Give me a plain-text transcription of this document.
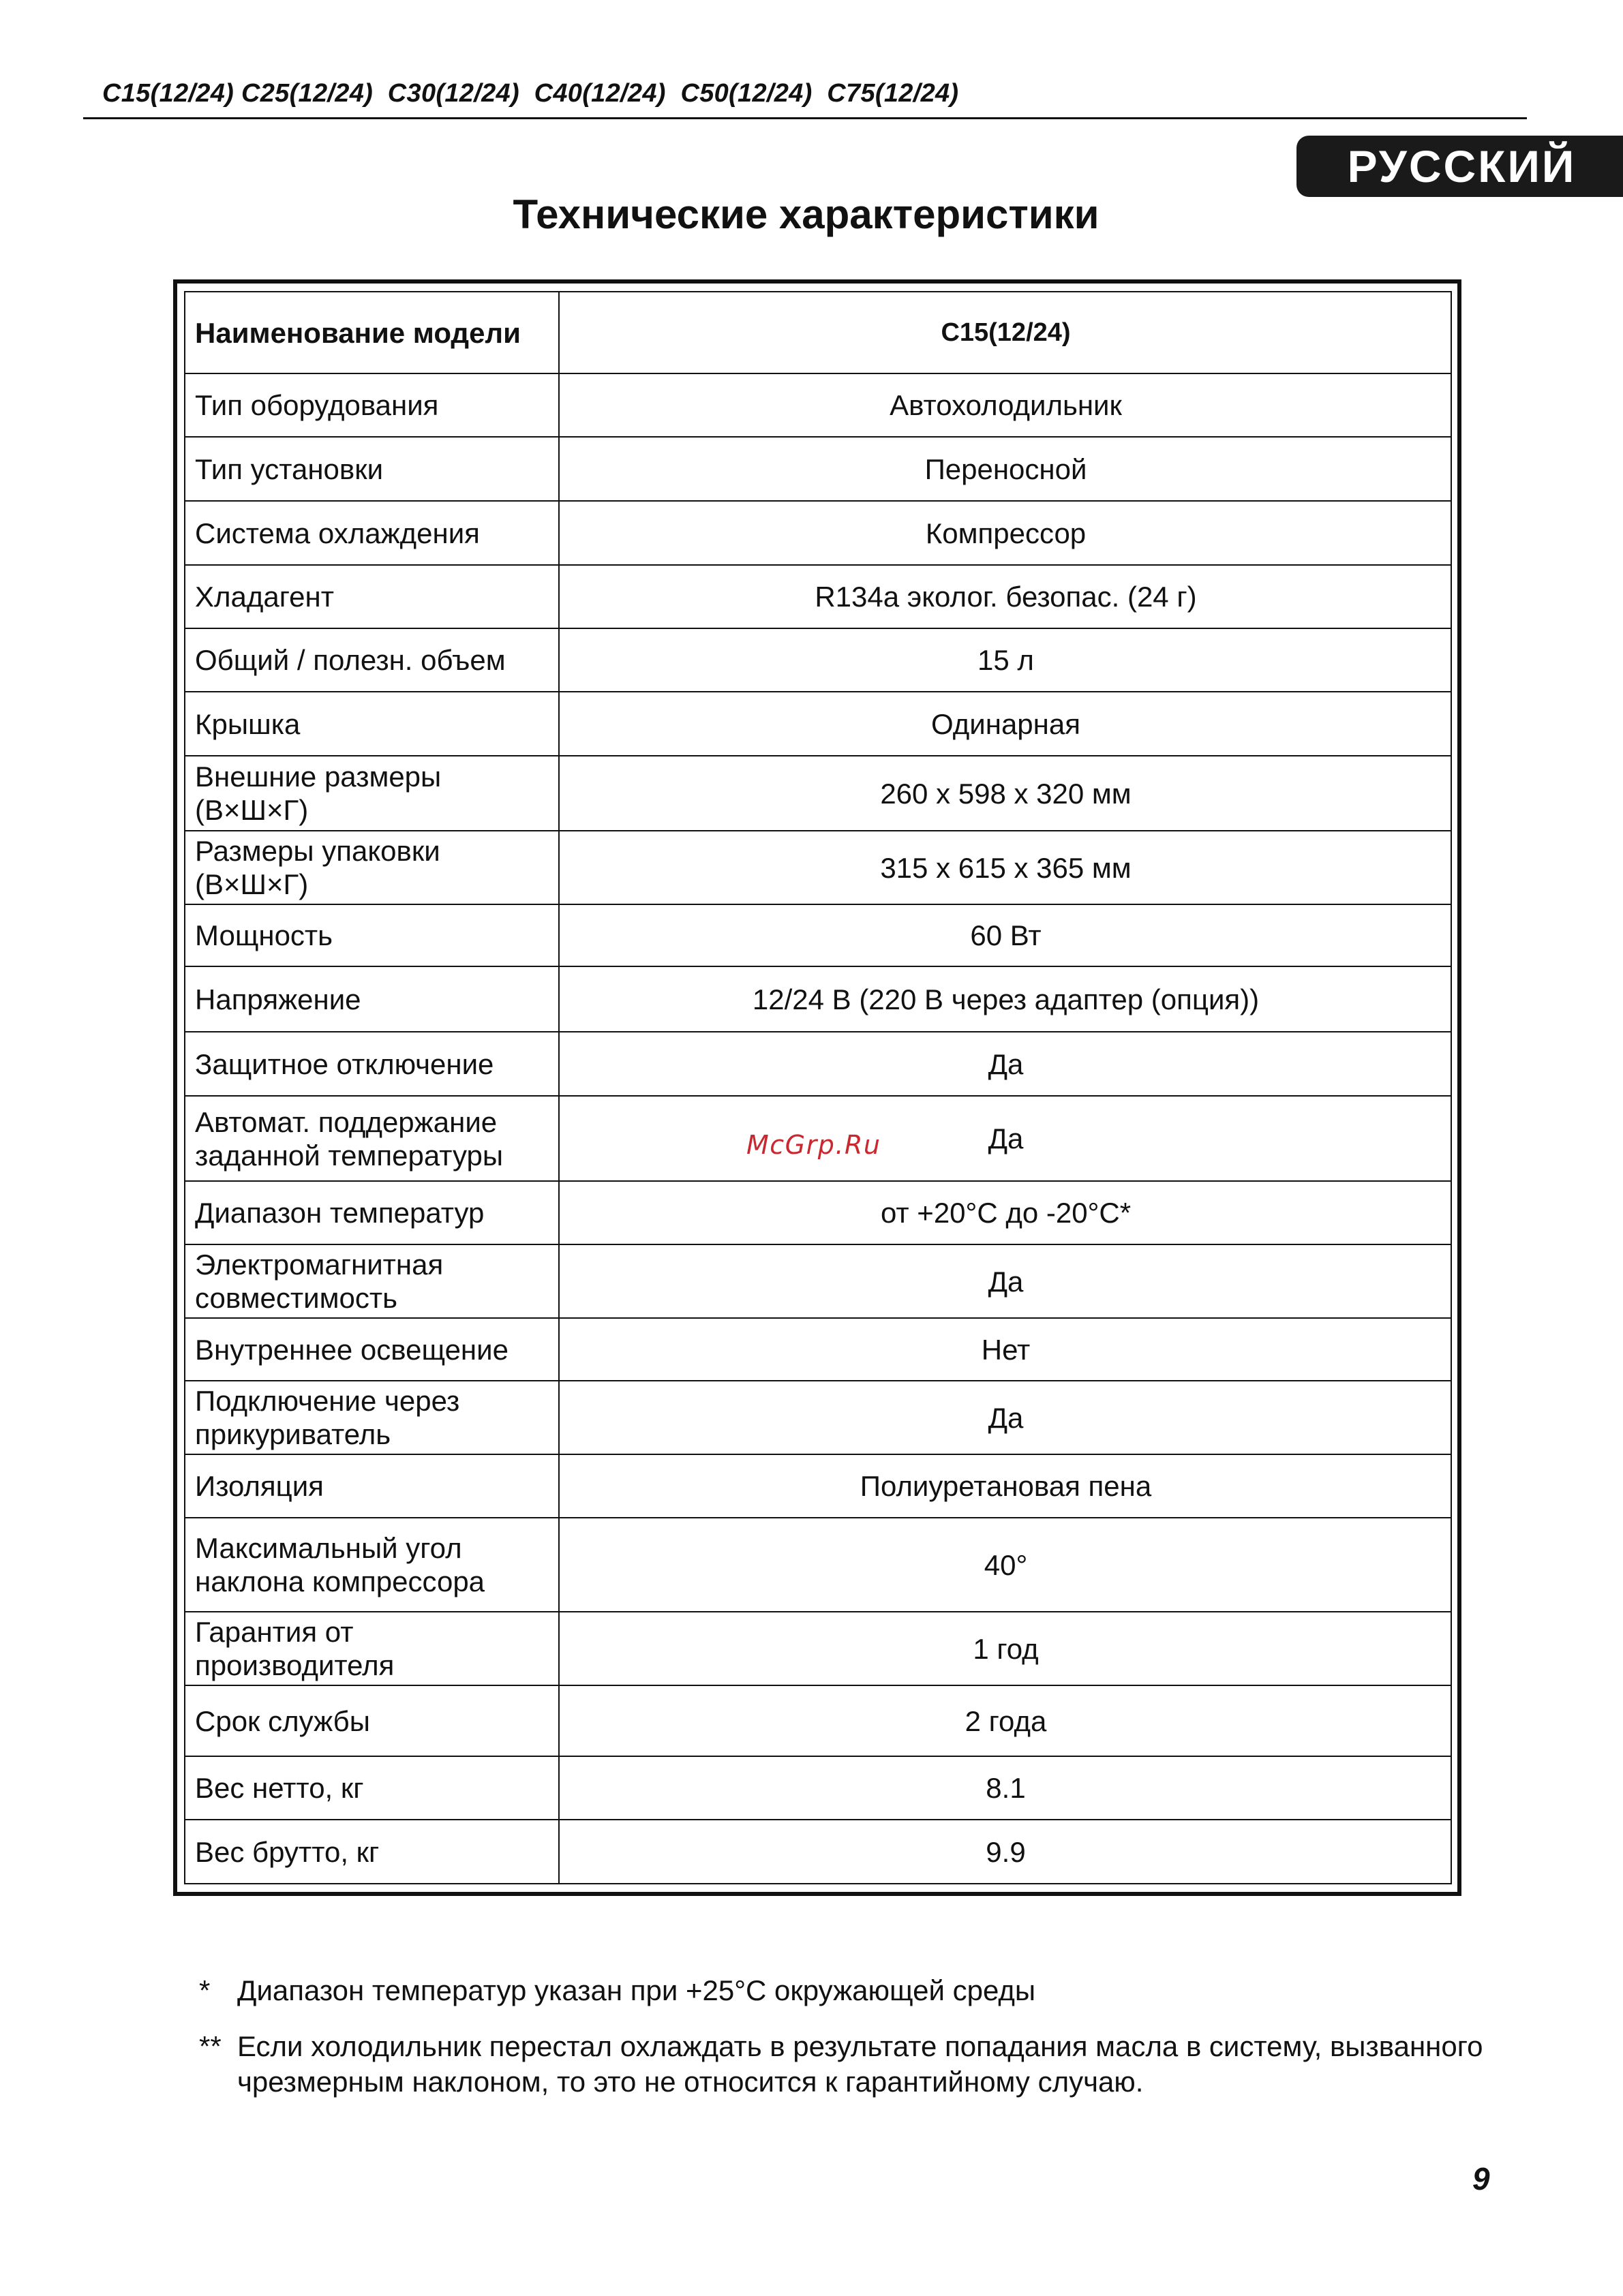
C15(12/24) C25(12/24)  C30(12/24)  C40(12/24)  C50(12/24)  C75(12/24)
РУССКИЙ
Технические характеристики
Наименование модели	С15(12/24)
Тип оборудования	Автохолодильник
Тип установки	Переносной
Система охлаждения	Компрессор
Хладагент	R134a эколог. безопас. (24 г)
Общий / полезн. объем	15 л
Крышка	Одинарная
Внешние размеры (В×Ш×Г)	260 x 598 x 320 мм
Размеры упаковки (В×Ш×Г)	315 x 615 x 365 мм
Мощность	60 Вт
Напряжение	12/24 В (220 В через адаптер (опция))
Защитное отключение	Да
Автомат. поддержание заданной температуры	Да
Диапазон температур	от +20°C до -20°C*
Электромагнитная совместимость	Да
Внутреннее освещение	Нет
Подключение через прикуриватель	Да
Изоляция	Полиуретановая пена
Максимальный угол наклона компрессора	40°
Гарантия от производителя	1 год
Срок службы	2 года
Вес нетто, кг	8.1
Вес брутто, кг	9.9
McGrp.Ru
* Диапазон температур указан при +25°C окружающей среды
** Если холодильник перестал охлаждать в результате попадания масла в систему, вызванного чрезмерным наклоном, то это не относится к гарантийному случаю.
9
